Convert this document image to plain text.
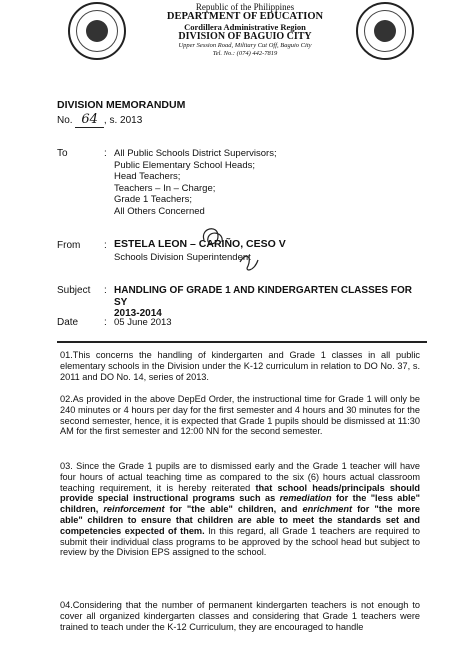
Republic of the Philippines
DEPARTMENT OF EDUCATION
Cordillera Administrative Region
DIVISION OF BAGUIO CITY
Upper Session Road, Military Cut Off, Baguio City
Tel. No.: (074) 442-7819
DIVISION MEMORANDUM
No. 64 , s. 2013
To	: All Public Schools District Supervisors;
Public Elementary School Heads;
Head Teachers;
Teachers – In – Charge;
Grade 1 Teachers;
All Others Concerned
From : ESTELA LEON – CARIÑO, CESO V
Schools Division Superintendent
Subject : HANDLING OF GRADE 1 AND KINDERGARTEN CLASSES FOR SY
2013-2014
Date	: 05 June 2013
01.This concerns the handling of kindergarten and Grade 1 classes in all public elementary schools in the Division under the K-12 curriculum in relation to DO No. 37, s. 2011 and DO No. 14, series of 2013.
02.As provided in the above DepEd Order, the instructional time for Grade 1 will only be 240 minutes or 4 hours per day for the first semester and 4 hours and 30 minutes for the second semester, hence, it is expected that Grade 1 pupils should be dismissed at 11:30 AM for the first semester and 12:00 NN for the second semester.
03. Since the Grade 1 pupils are to dismissed early and the Grade 1 teacher will have four hours of actual teaching time as compared to the six (6) hours actual classroom teaching requirement, it is hereby reiterated that school heads/principals should provide special instructional programs such as remediation for the "less able" children, reinforcement for "the able" children, and enrichment for "the more able" children to ensure that children are able to meet the standards set and competencies expected of them. In this regard, all Grade 1 teachers are required to submit their individual class programs to be approved by the school head but subject to review by the Division EPS assigned to the school.
04.Considering that the number of permanent kindergarten teachers is not enough to cover all organized kindergarten classes and considering that Grade 1 teachers were trained to teach under the K-12 Curriculum, they are encouraged to handle
